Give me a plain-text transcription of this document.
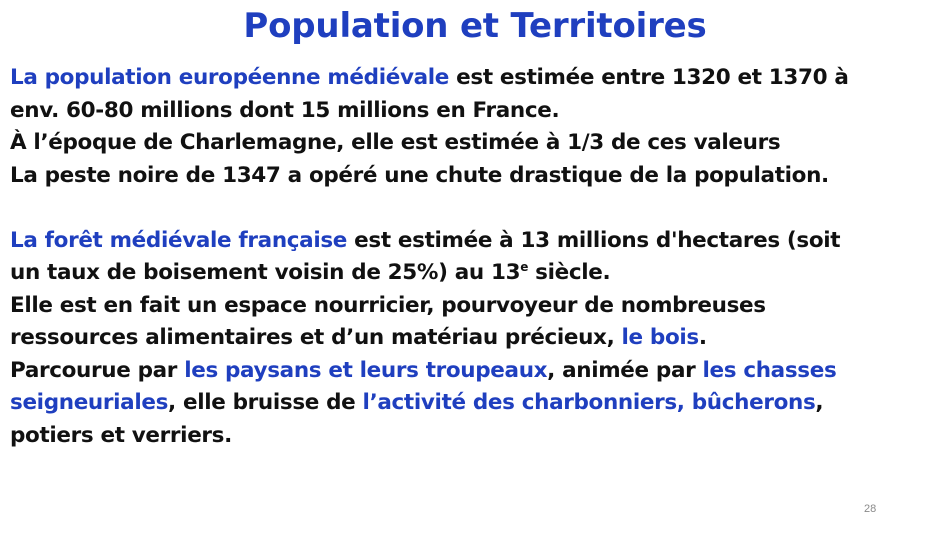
Population et Territoires
La population européenne médiévale est estimée entre 1320 et 1370 à
env. 60-80 millions dont 15 millions en France.
À l’époque de Charlemagne, elle est estimée à 1/3 de ces valeurs
La peste noire de 1347 a opéré une chute drastique de la population.
La forêt médiévale française est estimée à 13 millions d'hectares (soit
un taux de boisement voisin de 25%) au 13e siècle.
Elle est en fait un espace nourricier, pourvoyeur de nombreuses
ressources alimentaires et d’un matériau précieux, le bois.
Parcourue par les paysans et leurs troupeaux, animée par les chasses
seigneuriales, elle bruisse de l’activité des charbonniers, bûcherons,
potiers et verriers.
28
